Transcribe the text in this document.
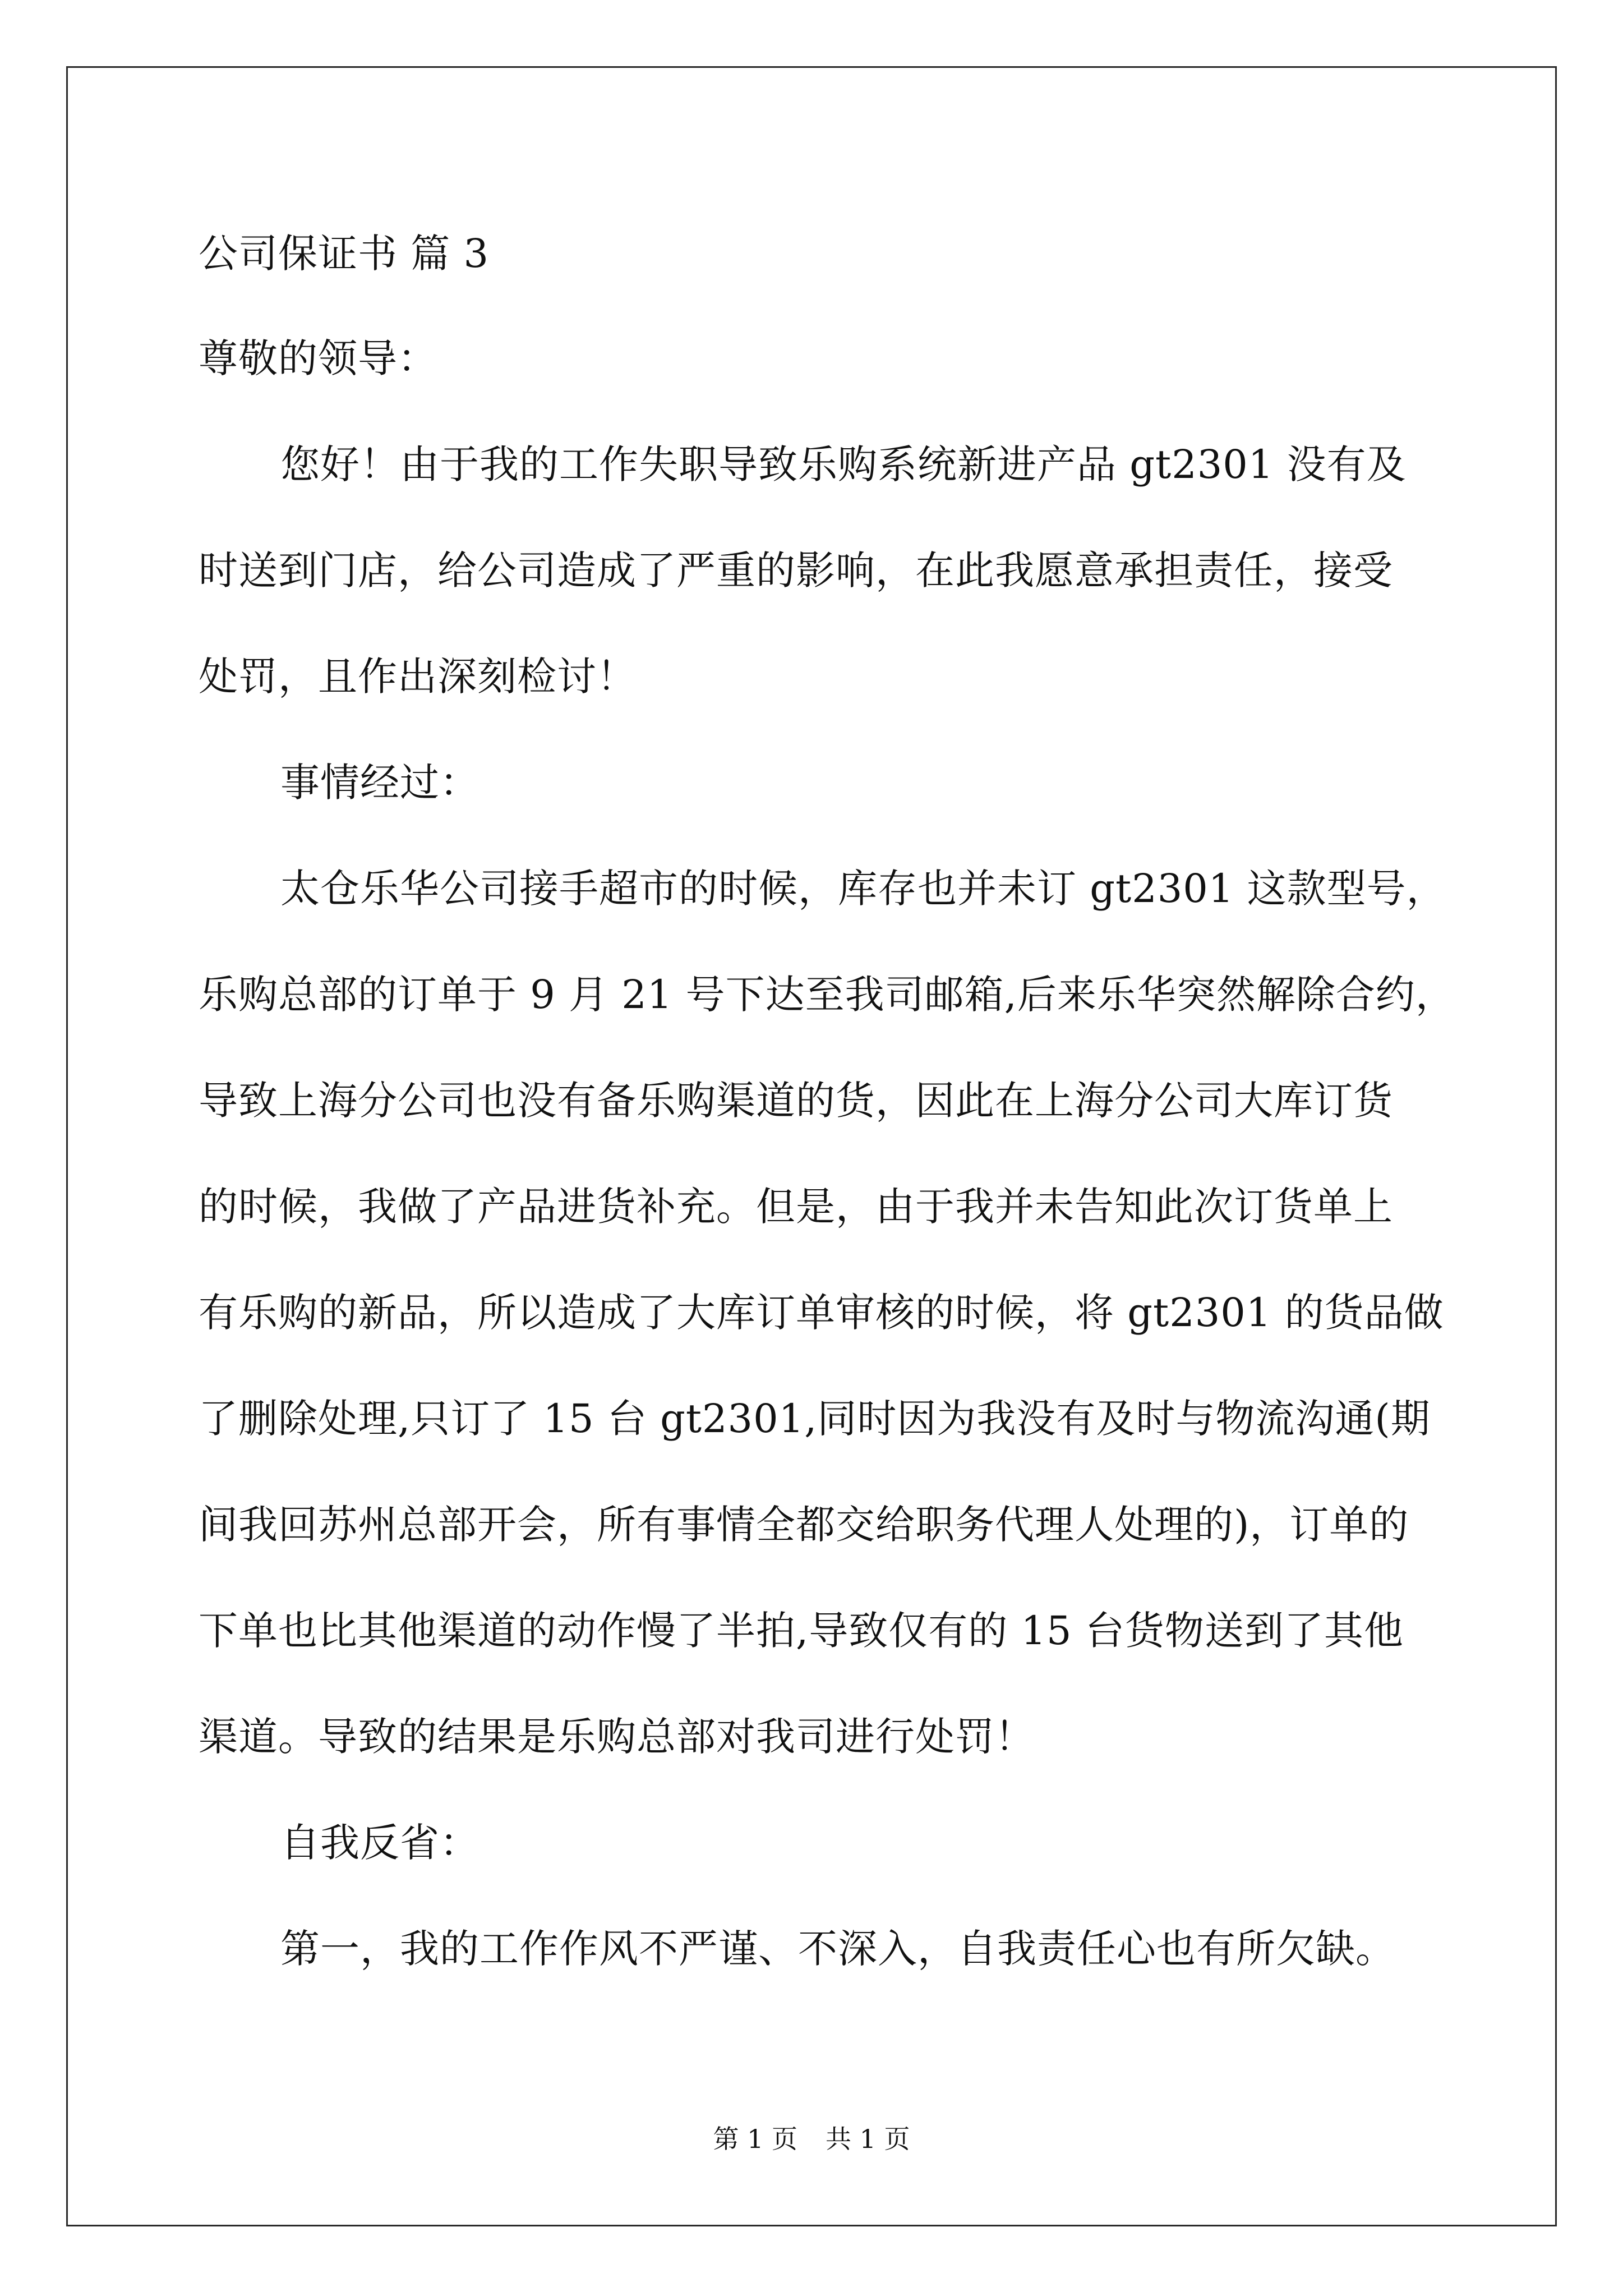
公司保证书 篇 3
尊敬的领导：
您好！由于我的工作失职导致乐购系统新进产品 gt2301 没有及
时送到门店，给公司造成了严重的影响，在此我愿意承担责任，接受
处罚，且作出深刻检讨！
事情经过：
太仓乐华公司接手超市的时候，库存也并未订 gt2301 这款型号，
乐购总部的订单于 9 月 21 号下达至我司邮箱,后来乐华突然解除合约，
导致上海分公司也没有备乐购渠道的货，因此在上海分公司大库订货
的时候，我做了产品进货补充。但是，由于我并未告知此次订货单上
有乐购的新品，所以造成了大库订单审核的时候，将 gt2301 的货品做
了删除处理,只订了 15 台 gt2301,同时因为我没有及时与物流沟通(期
间我回苏州总部开会，所有事情全都交给职务代理人处理的)，订单的
下单也比其他渠道的动作慢了半拍,导致仅有的 15 台货物送到了其他
渠道。导致的结果是乐购总部对我司进行处罚！
自我反省：
第一，我的工作作风不严谨、不深入，自我责任心也有所欠缺。
第 1 页 共 1 页
